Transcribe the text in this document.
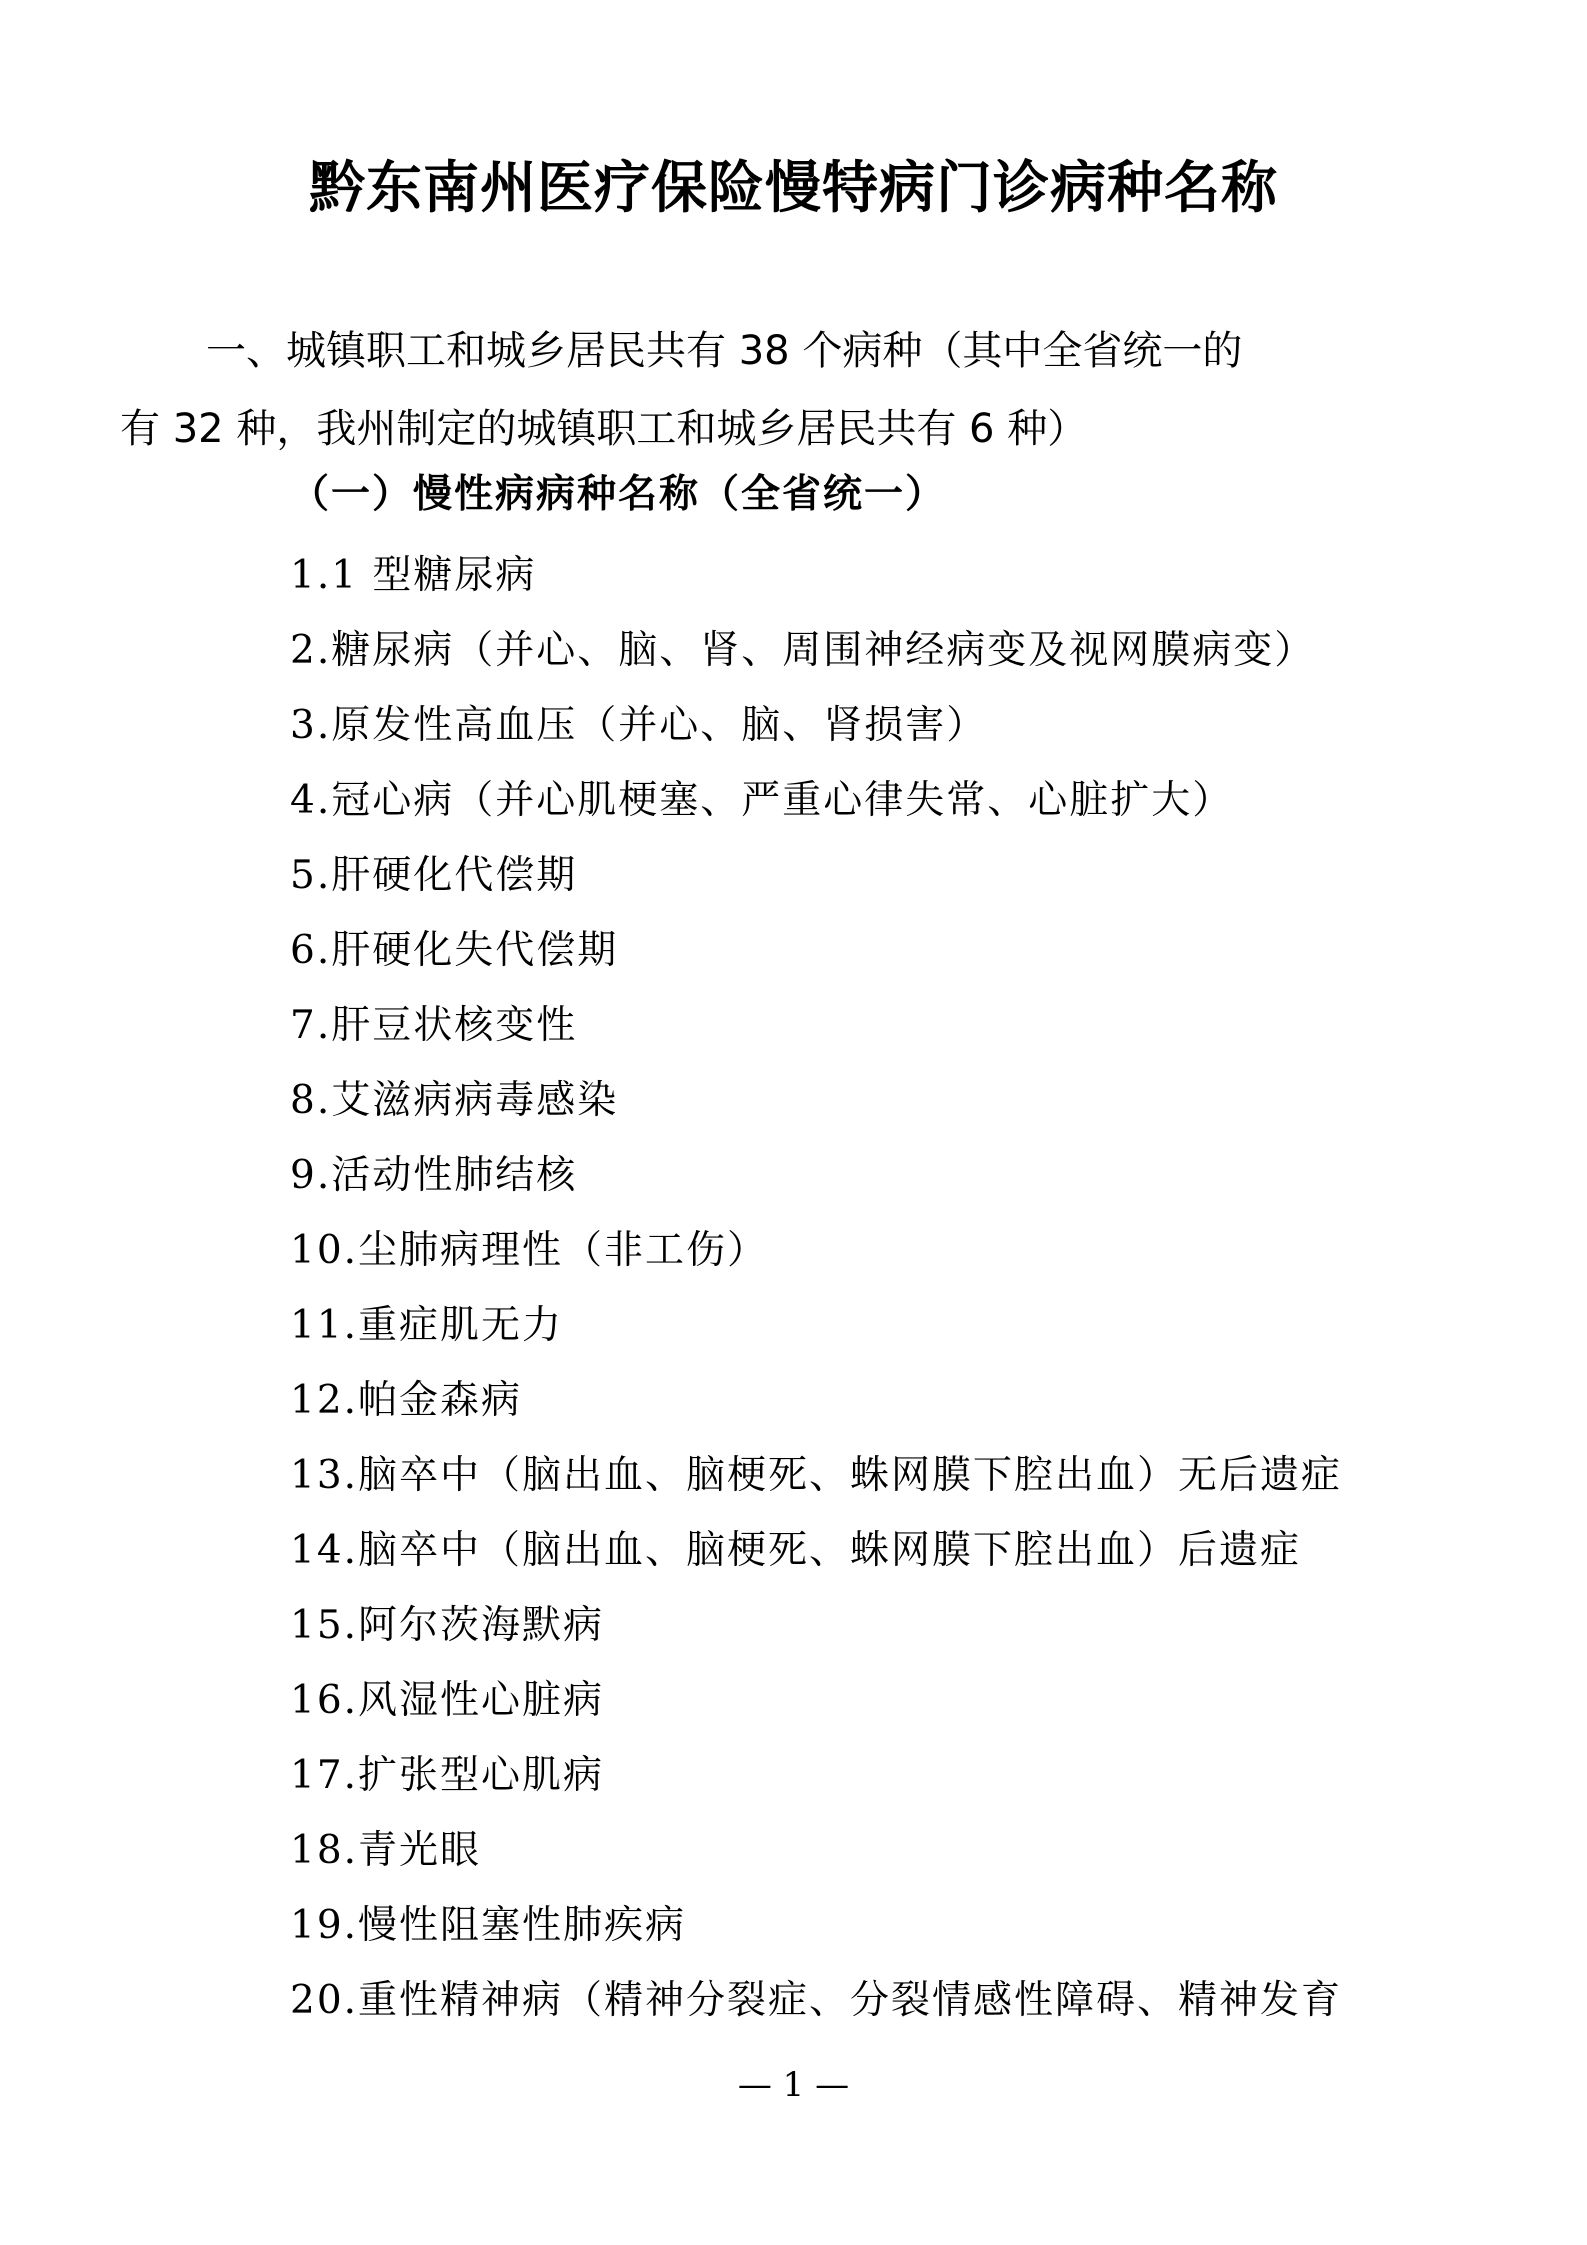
黔东南州医疗保险慢特病门诊病种名称

一、城镇职工和城乡居民共有 38 个病种（其中全省统一的
有 32 种，我州制定的城镇职工和城乡居民共有 6 种）

（一）慢性病病种名称（全省统一）

1.1 型糖尿病
2.糖尿病（并心、脑、肾、周围神经病变及视网膜病变）
3.原发性高血压（并心、脑、肾损害）
4.冠心病（并心肌梗塞、严重心律失常、心脏扩大）
5.肝硬化代偿期
6.肝硬化失代偿期
7.肝豆状核变性
8.艾滋病病毒感染
9.活动性肺结核
10.尘肺病理性（非工伤）
11.重症肌无力
12.帕金森病
13.脑卒中（脑出血、脑梗死、蛛网膜下腔出血）无后遗症
14.脑卒中（脑出血、脑梗死、蛛网膜下腔出血）后遗症
15.阿尔茨海默病
16.风湿性心脏病
17.扩张型心肌病
18.青光眼
19.慢性阻塞性肺疾病
20.重性精神病（精神分裂症、分裂情感性障碍、精神发育
— 1 —
